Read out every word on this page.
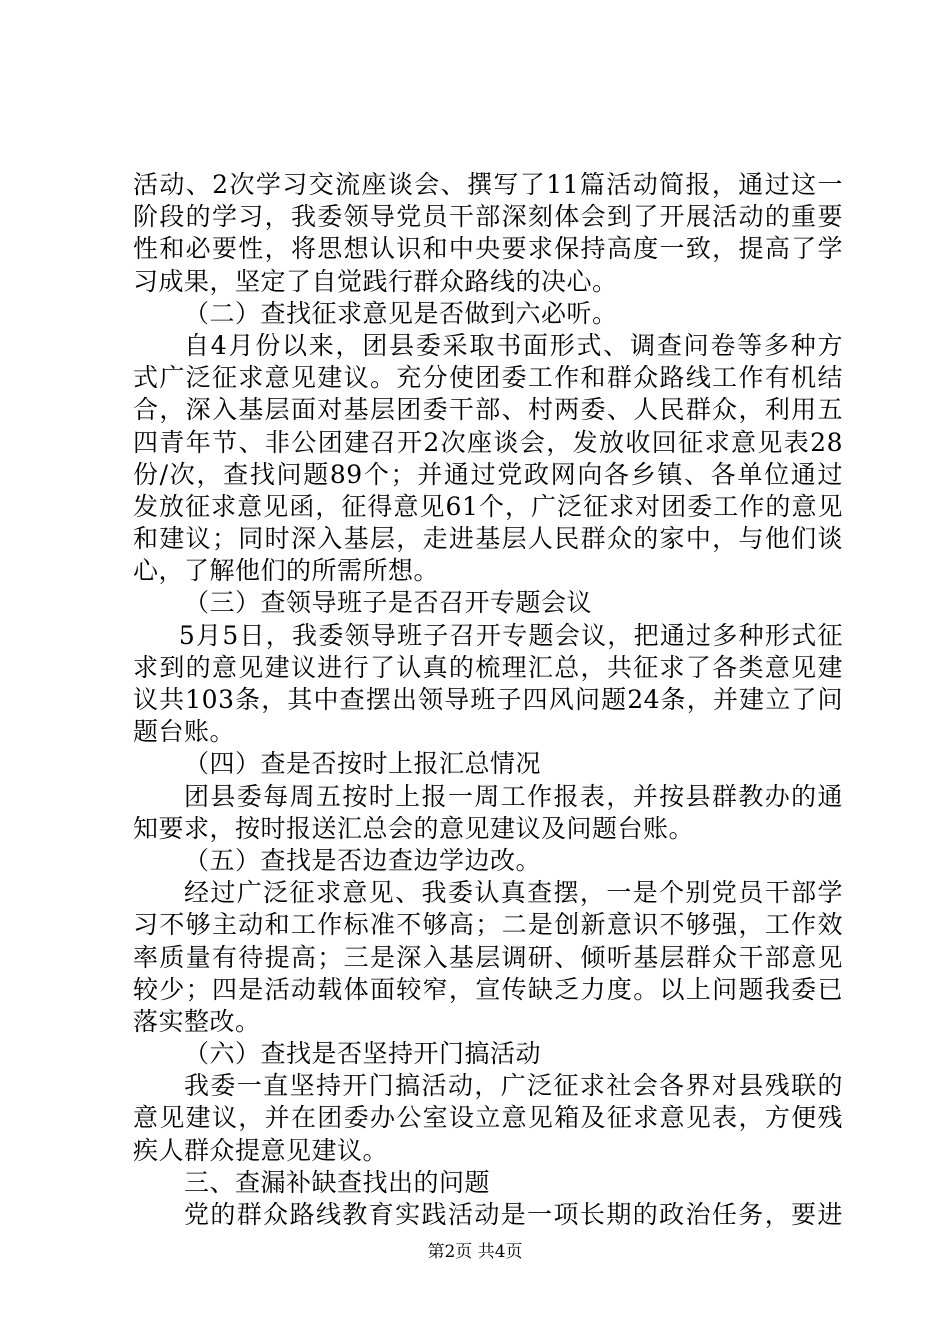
活动、2次学习交流座谈会、撰写了11篇活动简报，通过这一
阶段的学习，我委领导党员干部深刻体会到了开展活动的重要
性和必要性，将思想认识和中央要求保持高度一致，提高了学
习成果，坚定了自觉践行群众路线的决心。
（二）查找征求意见是否做到六必听。
自4月份以来，团县委采取书面形式、调查问卷等多种方
式广泛征求意见建议。充分使团委工作和群众路线工作有机结
合，深入基层面对基层团委干部、村两委、人民群众，利用五
四青年节、非公团建召开2次座谈会，发放收回征求意见表28
份/次，查找问题89个；并通过党政网向各乡镇、各单位通过
发放征求意见函，征得意见61个，广泛征求对团委工作的意见
和建议；同时深入基层，走进基层人民群众的家中，与他们谈
心，了解他们的所需所想。
（三）查领导班子是否召开专题会议
5月5日，我委领导班子召开专题会议，把通过多种形式征
求到的意见建议进行了认真的梳理汇总，共征求了各类意见建
议共103条，其中查摆出领导班子四风问题24条，并建立了问
题台账。
（四）查是否按时上报汇总情况
团县委每周五按时上报一周工作报表，并按县群教办的通
知要求，按时报送汇总会的意见建议及问题台账。
（五）查找是否边查边学边改。
经过广泛征求意见、我委认真查摆，一是个别党员干部学
习不够主动和工作标准不够高；二是创新意识不够强，工作效
率质量有待提高；三是深入基层调研、倾听基层群众干部意见
较少；四是活动载体面较窄，宣传缺乏力度。以上问题我委已
落实整改。
（六）查找是否坚持开门搞活动
我委一直坚持开门搞活动，广泛征求社会各界对县残联的
意见建议，并在团委办公室设立意见箱及征求意见表，方便残
疾人群众提意见建议。
三、查漏补缺查找出的问题
党的群众路线教育实践活动是一项长期的政治任务，要进
第2页 共4页
